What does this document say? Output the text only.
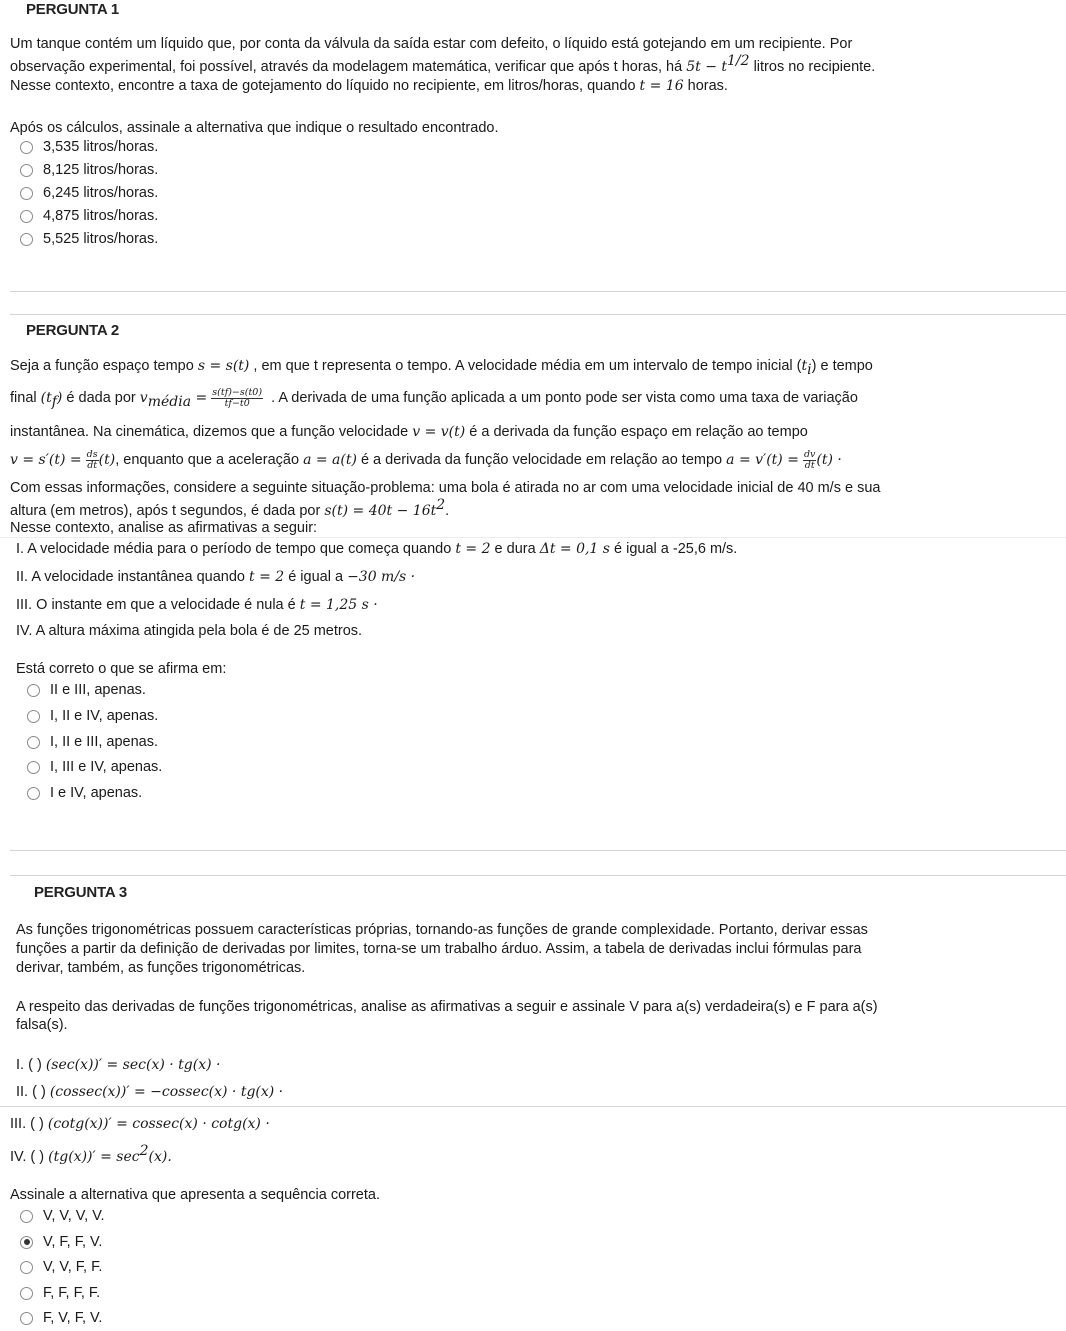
PERGUNTA 1
Um tanque contém um líquido que, por conta da válvula da saída estar com defeito, o líquido está gotejando em um recipiente. Por
observação experimental, foi possível, através da modelagem matemática, verificar que após t horas, há $5t - t^{1/2}$ litros no recipiente.
Nesse contexto, encontre a taxa de gotejamento do líquido no recipiente, em litros/horas, quando t = 16 horas.
Após os cálculos, assinale a alternativa que indique o resultado encontrado.
3,535 litros/horas.
8,125 litros/horas.
6,245 litros/horas.
4,875 litros/horas.
5,525 litros/horas.
PERGUNTA 2
Seja a função espaço tempo s = s(t) , em que t representa o tempo. A velocidade média em um intervalo de tempo inicial $(t_i)$ e tempo
final $(t_f)$ é dada por $v_{média} = \frac{s(tf)-s(t0)}{tf-t0}$ . A derivada de uma função aplicada a um ponto pode ser vista como uma taxa de variação
instantânea. Na cinemática, dizemos que a função velocidade v = v(t) é a derivada da função espaço em relação ao tempo
$v = s'(t) = \frac{ds}{dt} (t)$, enquanto que a aceleração a = a(t) é a derivada da função velocidade em relação ao tempo $a = v'(t) = \frac{dv}{dt} (t)$ ·
Com essas informações, considere a seguinte situação-problema: uma bola é atirada no ar com uma velocidade inicial de 40 m/s e sua
altura (em metros), após t segundos, é dada por $s(t) = 40t - 16t^2$.
Nesse contexto, analise as afirmativas a seguir:
I. A velocidade média para o período de tempo que começa quando t = 2 e dura Δt = 0,1 s é igual a -25,6 m/s.
II. A velocidade instantânea quando t = 2 é igual a −30 m/s ·
III. O instante em que a velocidade é nula é t = 1,25 s ·
IV. A altura máxima atingida pela bola é de 25 metros.
Está correto o que se afirma em:
II e III, apenas.
I, II e IV, apenas.
I, II e III, apenas.
I, III e IV, apenas.
I e IV, apenas.
PERGUNTA 3
As funções trigonométricas possuem características próprias, tornando-as funções de grande complexidade. Portanto, derivar essas
funções a partir da definição de derivadas por limites, torna-se um trabalho árduo. Assim, a tabela de derivadas inclui fórmulas para
derivar, também, as funções trigonométricas.
A respeito das derivadas de funções trigonométricas, analise as afirmativas a seguir e assinale V para a(s) verdadeira(s) e F para a(s)
falsa(s).
I. ( ) (sec(x))′ = sec(x) · tg(x) ·
II. ( ) (cossec(x))′ = −cossec(x) · tg(x) ·
III. ( ) (cotg(x))′ = cossec(x) · cotg(x) ·
IV. ( ) $(tg(x))' = \sec^2(x)$.
Assinale a alternativa que apresenta a sequência correta.
V, V, V, V.
V, F, F, V.
V, V, F, F.
F, F, F, F.
F, V, F, V.
